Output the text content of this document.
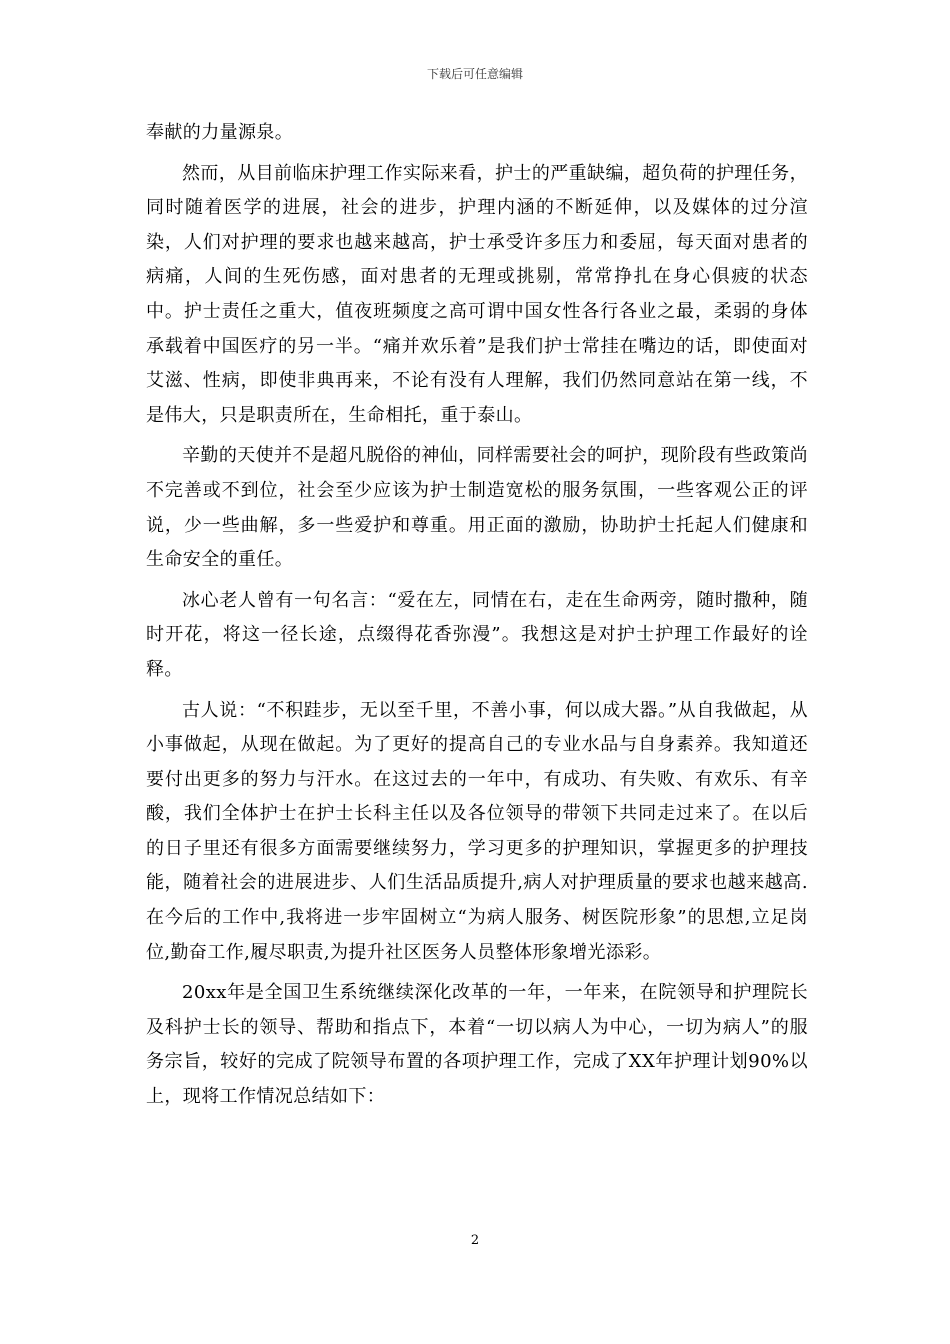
下载后可任意编辑

奉献的力量源泉。

然而，从目前临床护理工作实际来看，护士的严重缺编，超负荷的护理任务，同时随着医学的进展，社会的进步，护理内涵的不断延伸，以及媒体的过分渲染，人们对护理的要求也越来越高，护士承受许多压力和委屈，每天面对患者的病痛，人间的生死伤感，面对患者的无理或挑剔，常常挣扎在身心俱疲的状态中。护士责任之重大，值夜班频度之高可谓中国女性各行各业之最，柔弱的身体承载着中国医疗的另一半。“痛并欢乐着”是我们护士常挂在嘴边的话，即使面对艾滋、性病，即使非典再来，不论有没有人理解，我们仍然同意站在第一线，不是伟大，只是职责所在，生命相托，重于泰山。

辛勤的天使并不是超凡脱俗的神仙，同样需要社会的呵护，现阶段有些政策尚不完善或不到位，社会至少应该为护士制造宽松的服务氛围，一些客观公正的评说，少一些曲解，多一些爱护和尊重。用正面的激励，协助护士托起人们健康和生命安全的重任。

冰心老人曾有一句名言：“爱在左，同情在右，走在生命两旁，随时撒种，随时开花，将这一径长途，点缀得花香弥漫”。我想这是对护士护理工作最好的诠释。

古人说：“不积跬步，无以至千里，不善小事，何以成大器。”从自我做起，从小事做起，从现在做起。为了更好的提高自己的专业水品与自身素养。我知道还要付出更多的努力与汗水。在这过去的一年中，有成功、有失败、有欢乐、有辛酸，我们全体护士在护士长科主任以及各位领导的带领下共同走过来了。在以后的日子里还有很多方面需要继续努力，学习更多的护理知识，掌握更多的护理技能，随着社会的进展进步、人们生活品质提升,病人对护理质量的要求也越来越高.在今后的工作中,我将进一步牢固树立“为病人服务、树医院形象”的思想,立足岗位,勤奋工作,履尽职责,为提升社区医务人员整体形象增光添彩。

20xx年是全国卫生系统继续深化改革的一年，一年来，在院领导和护理院长及科护士长的领导、帮助和指点下，本着“一切以病人为中心，一切为病人”的服务宗旨，较好的完成了院领导布置的各项护理工作，完成了XX年护理计划90%以上，现将工作情况总结如下：

2
